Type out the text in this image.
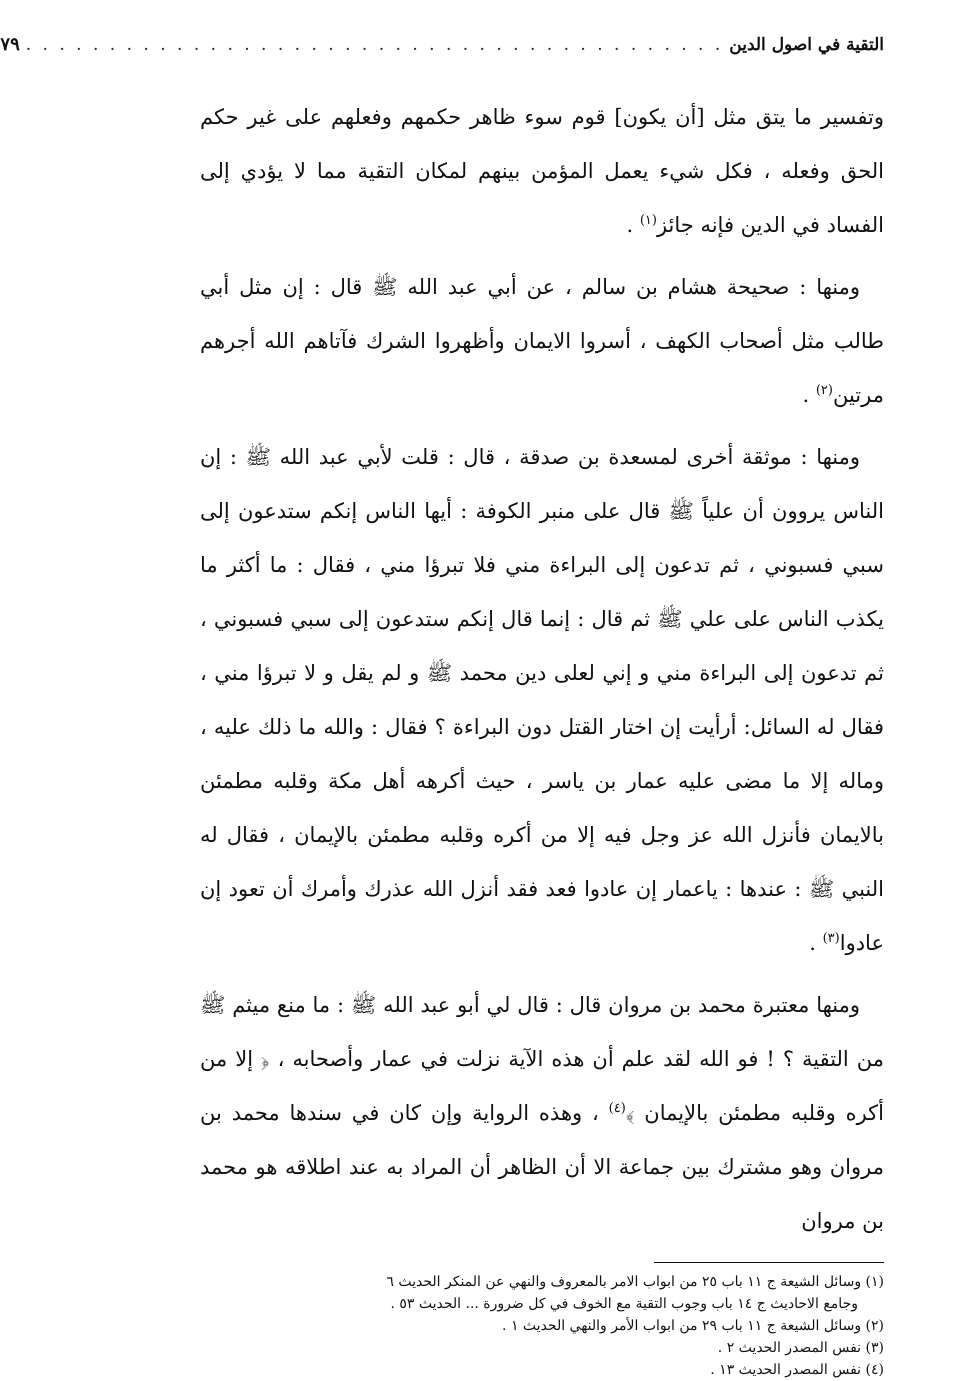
التقية في اصول الدين
. . . . . . . . . . . . . . . . . . . . . . . . . . . . . . . . . . . . . . . . . .
٧٩

وتفسير ما يتق مثل [أن يكون] قوم سوء ظاهر حكمهم وفعلهم على غير حكم الحق وفعله ، فكل شيء يعمل المؤمن بينهم لمكان التقية مما لا يؤدي إلى الفساد في الدين فإنه جائز$^{(١)}$ .

ومنها : صحيحة هشام بن سالم ، عن أبي عبد الله ﷺ قال : إن مثل أبي طالب مثل أصحاب الكهف ، أسروا الايمان وأظهروا الشرك فآتاهم الله أجرهم مرتين$^{(٢)}$ .

ومنها : موثقة أخرى لمسعدة بن صدقة ، قال : قلت لأبي عبد الله ﷺ : إن الناس يروون أن علياً ﷺ قال على منبر الكوفة : أيها الناس إنكم ستدعون إلى سبي فسبوني ، ثم تدعون إلى البراءة مني فلا تبرؤا مني ، فقال : ما أكثر ما يكذب الناس على علي ﷺ ثم قال : إنما قال إنكم ستدعون إلى سبي فسبوني ، ثم تدعون إلى البراءة مني و إني لعلى دين محمد ﷺ و لم يقل و لا تبرؤا مني ، فقال له السائل: أرأيت إن اختار القتل دون البراءة ؟ فقال : والله ما ذلك عليه ، وماله إلا ما مضى عليه عمار بن ياسر ، حيث أكرهه أهل مكة وقلبه مطمئن بالايمان فأنزل الله عز وجل فيه إلا من أكره وقلبه مطمئن بالإيمان ، فقال له النبي ﷺ : عندها : ياعمار إن عادوا فعد فقد أنزل الله عذرك وأمرك أن تعود إن عادوا$^{(٣)}$ .

ومنها معتبرة محمد بن مروان قال : قال لي أبو عبد الله ﷺ : ما منع ميثم ﷺ من التقية ؟ ! فو الله لقد علم أن هذه الآية نزلت في عمار وأصحابه ، ﴿ إلا من أكره وقلبه مطمئن بالإيمان ﴾$^{(٤)}$ ، وهذه الرواية وإن كان في سندها محمد بن مروان وهو مشترك بين جماعة الا أن الظاهر أن المراد به عند اطلاقه هو محمد بن مروان

(١) وسائل الشيعة ج ١١ باب ٢٥ من ابواب الامر بالمعروف والنهي عن المنكر الحديث ٦

وجامع الاحاديث ج ١٤ باب وجوب التقية مع الخوف في كل ضرورة ... الحديث ٥٣ .

(٢) وسائل الشيعة ج ١١ باب ٢٩ من ابواب الأمر والنهي الحديث ١ .

(٣) نفس المصدر الحديث ٢ .

(٤) نفس المصدر الحديث ١٣ .
